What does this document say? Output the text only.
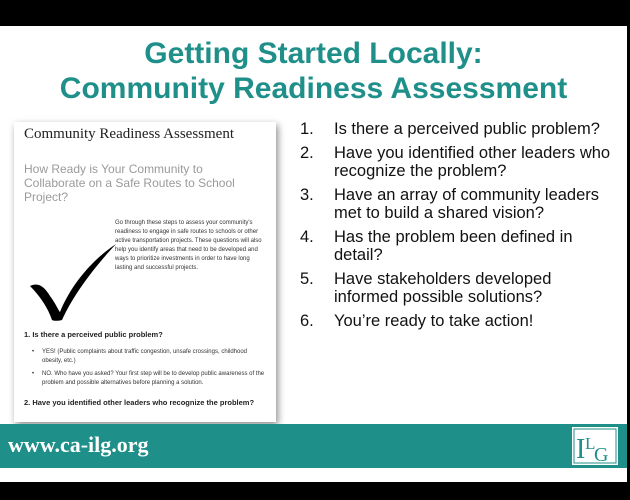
Getting Started Locally:
Community Readiness Assessment
Community Readiness Assessment
How Ready is Your Community to Collaborate on a Safe Routes to School Project?
Go through these steps to assess your community's readiness to engage in safe routes to schools or other active transportation projects. These questions will also help you identify areas that need to be developed and ways to prioritize investments in order to have long lasting and successful projects.
1. Is there a perceived public problem?
•	YES! (Public complaints about traffic congestion, unsafe crossings, childhood obesity, etc.)
•	NO. Who have you asked? Your first step will be to develop public awareness of the problem and possible alternatives before planning a solution.
2. Have you identified other leaders who recognize the problem?
1.	Is there a perceived public problem?
2.	Have you identified other leaders who recognize the problem?
3.	Have an array of community leaders met to build a shared vision?
4.	Has the problem been defined in detail?
5.	Have stakeholders developed informed possible solutions?
6.	You’re ready to take action!
www.ca-ilg.org	I L
G
